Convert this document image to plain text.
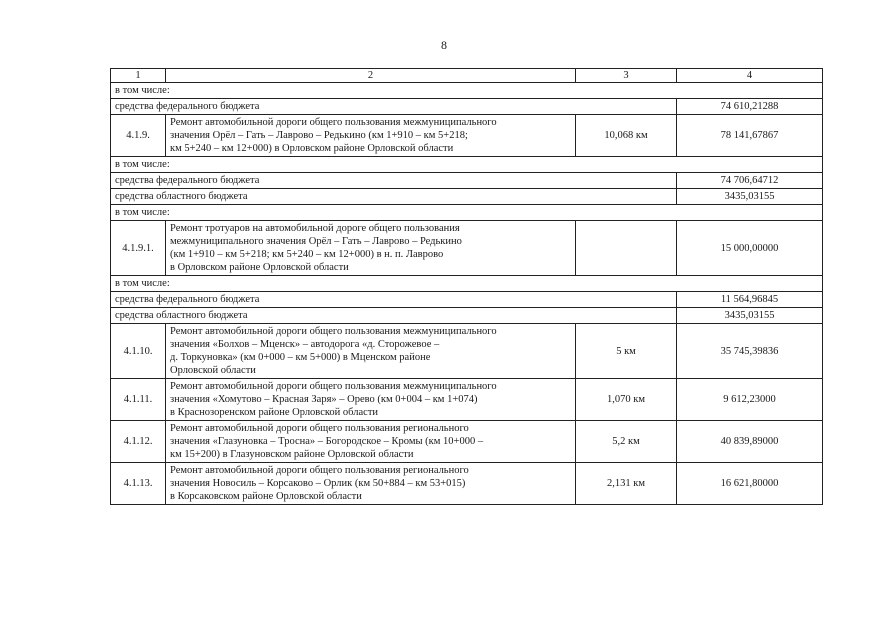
8
1	2	3	4
в том числе:			
средства федерального бюджета			74 610,21288
4.1.9.	Ремонт автомобильной дороги общего пользования межмуниципального
значения Орёл – Гать – Лаврово – Редькино (км 1+910 – км 5+218;
км 5+240 – км 12+000) в Орловском районе Орловской области	10,068 км	78 141,67867
в том числе:			
средства федерального бюджета			74 706,64712
средства областного бюджета			3435,03155
в том числе:			
4.1.9.1.	Ремонт тротуаров на автомобильной дороге общего пользования
межмуниципального значения Орёл – Гать – Лаврово – Редькино
(км 1+910 – км 5+218; км 5+240 – км 12+000) в н. п. Лаврово
в Орловском районе Орловской области		15 000,00000
в том числе:			
средства федерального бюджета			11 564,96845
средства областного бюджета			3435,03155
4.1.10.	Ремонт автомобильной дороги общего пользования межмуниципального
значения «Болхов – Мценск» – автодорога «д. Сторожевое –
д. Торкуновка» (км 0+000 – км 5+000) в Мценском районе
Орловской области	5 км	35 745,39836
4.1.11.	Ремонт автомобильной дороги общего пользования межмуниципального
значения «Хомутово – Красная Заря» – Орево (км 0+004 – км 1+074)
в Краснозоренском районе Орловской области	1,070 км	9 612,23000
4.1.12.	Ремонт автомобильной дороги общего пользования регионального
значения «Глазуновка – Тросна» – Богородское – Кромы (км 10+000 –
км 15+200) в Глазуновском районе Орловской области	5,2 км	40 839,89000
4.1.13.	Ремонт автомобильной дороги общего пользования регионального
значения Новосиль – Корсаково – Орлик (км 50+884 – км 53+015)
в Корсаковском районе Орловской области	2,131 км	16 621,80000
